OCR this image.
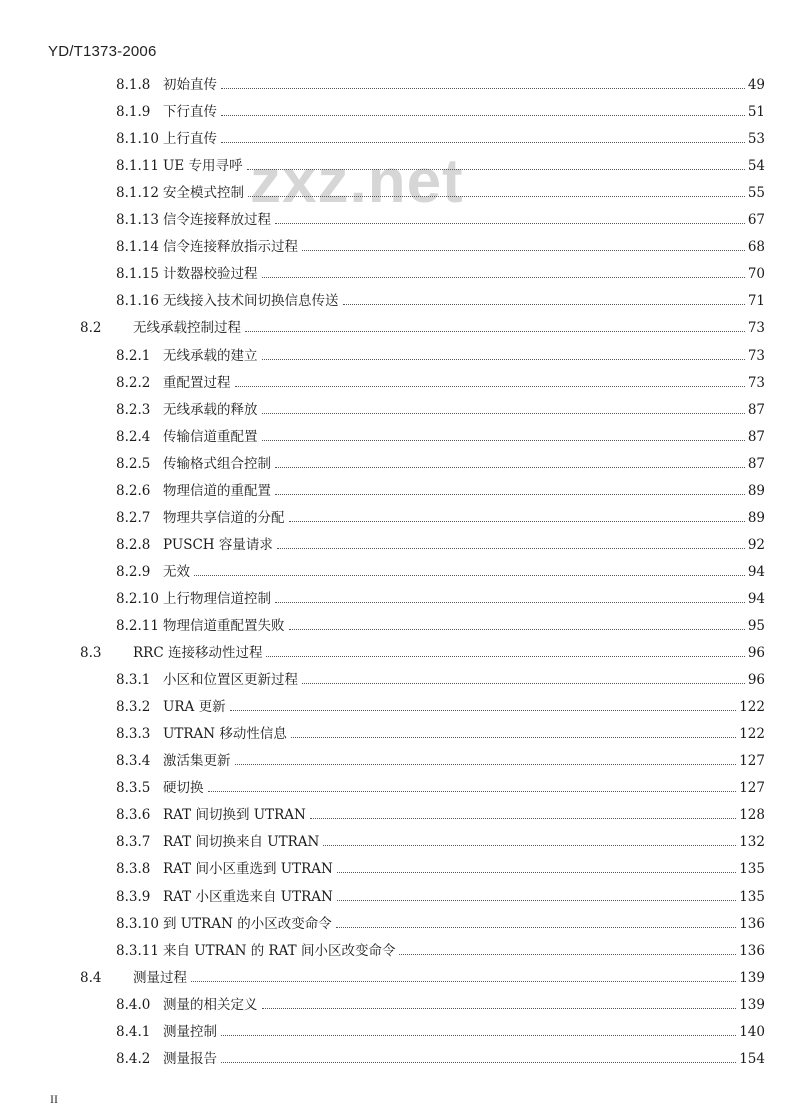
YD/T1373-2006
zxz.net
8.1.8 初始直传	49
8.1.9 下行直传	51
8.1.10 上行直传	53
8.1.11 UE 专用寻呼	54
8.1.12 安全模式控制	55
8.1.13 信令连接释放过程	67
8.1.14 信令连接释放指示过程	68
8.1.15 计数器校验过程	70
8.1.16 无线接入技术间切换信息传送	71
8.2	无线承载控制过程	73
8.2.1 无线承载的建立	73
8.2.2 重配置过程	73
8.2.3 无线承载的释放	87
8.2.4 传输信道重配置	87
8.2.5 传输格式组合控制	87
8.2.6 物理信道的重配置	89
8.2.7 物理共享信道的分配	89
8.2.8 PUSCH 容量请求	92
8.2.9 无效	94
8.2.10 上行物理信道控制	94
8.2.11 物理信道重配置失败	95
8.3	RRC 连接移动性过程	96
8.3.1 小区和位置区更新过程	96
8.3.2 URA 更新	122
8.3.3 UTRAN 移动性信息	122
8.3.4 激活集更新	127
8.3.5 硬切换	127
8.3.6 RAT 间切换到 UTRAN	128
8.3.7 RAT 间切换来自 UTRAN	132
8.3.8 RAT 间小区重选到 UTRAN	135
8.3.9 RAT 小区重选来自 UTRAN	135
8.3.10 到 UTRAN 的小区改变命令	136
8.3.11 来自 UTRAN 的 RAT 间小区改变命令	136
8.4	测量过程	139
8.4.0 测量的相关定义	139
8.4.1 测量控制	140
8.4.2 测量报告	154
II
